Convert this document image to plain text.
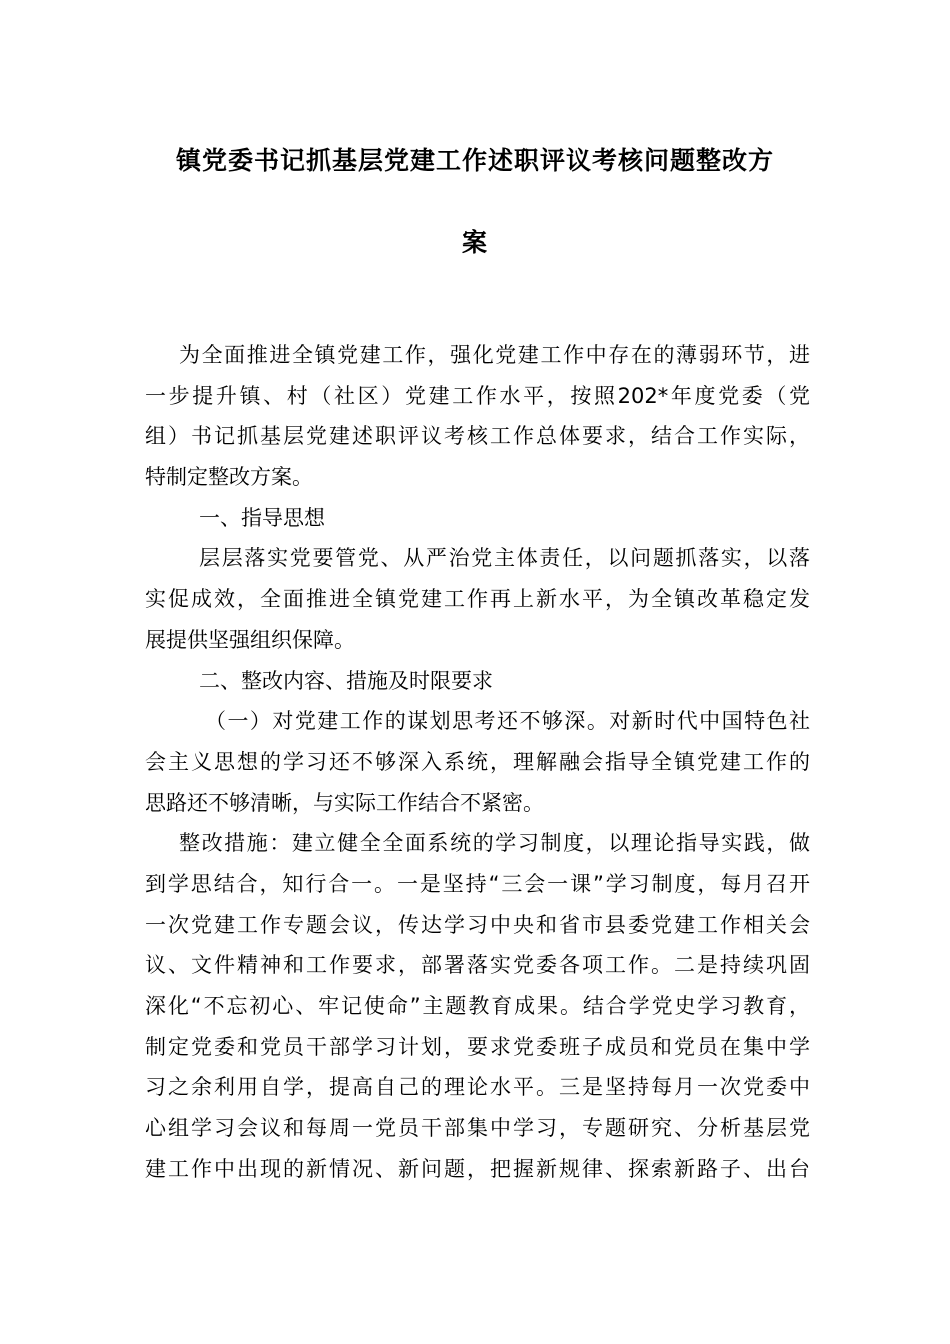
镇党委书记抓基层党建工作述职评议考核问题整改方
案
为全面推进全镇党建工作，强化党建工作中存在的薄弱环节，进
一步提升镇、村（社区）党建工作水平，按照202*年度党委（党
组）书记抓基层党建述职评议考核工作总体要求，结合工作实际，
特制定整改方案。
一、指导思想
层层落实党要管党、从严治党主体责任，以问题抓落实，以落
实促成效，全面推进全镇党建工作再上新水平，为全镇改革稳定发
展提供坚强组织保障。
二、整改内容、措施及时限要求
（一）对党建工作的谋划思考还不够深。对新时代中国特色社
会主义思想的学习还不够深入系统，理解融会指导全镇党建工作的
思路还不够清晰，与实际工作结合不紧密。
整改措施：建立健全全面系统的学习制度，以理论指导实践，做
到学思结合，知行合一。一是坚持“三会一课”学习制度，每月召开
一次党建工作专题会议，传达学习中央和省市县委党建工作相关会
议、文件精神和工作要求，部署落实党委各项工作。二是持续巩固
深化“不忘初心、牢记使命”主题教育成果。结合学党史学习教育，
制定党委和党员干部学习计划，要求党委班子成员和党员在集中学
习之余利用自学，提高自己的理论水平。三是坚持每月一次党委中
心组学习会议和每周一党员干部集中学习，专题研究、分析基层党
建工作中出现的新情况、新问题，把握新规律、探索新路子、出台
